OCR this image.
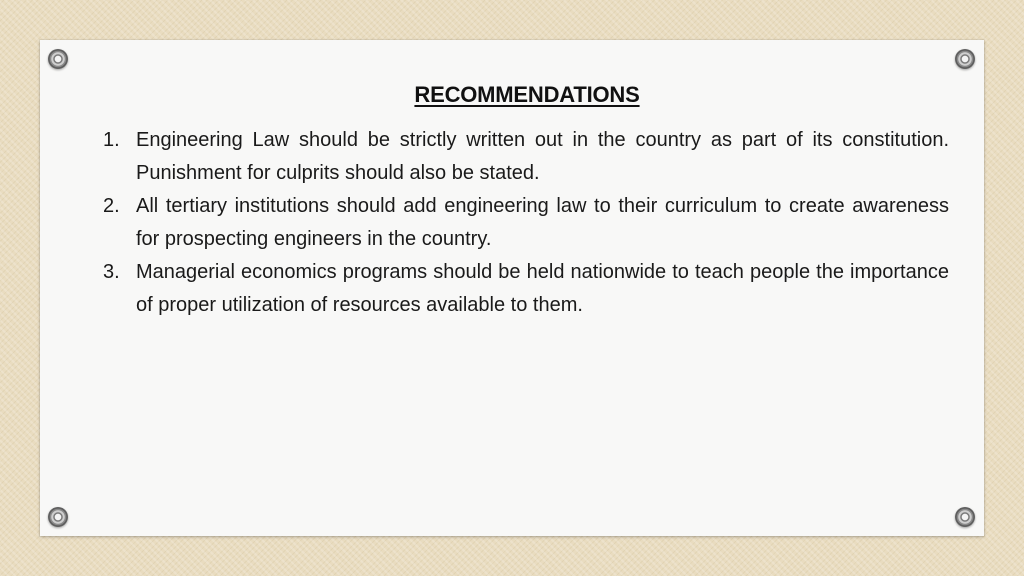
RECOMMENDATIONS
1. Engineering Law should be strictly written out in the country as part of its constitution. Punishment for culprits should also be stated.
2. All tertiary institutions should add engineering law to their curriculum to create awareness for prospecting engineers in the country.
3. Managerial economics programs should be held nationwide to teach people the importance of proper utilization of resources available to them.
